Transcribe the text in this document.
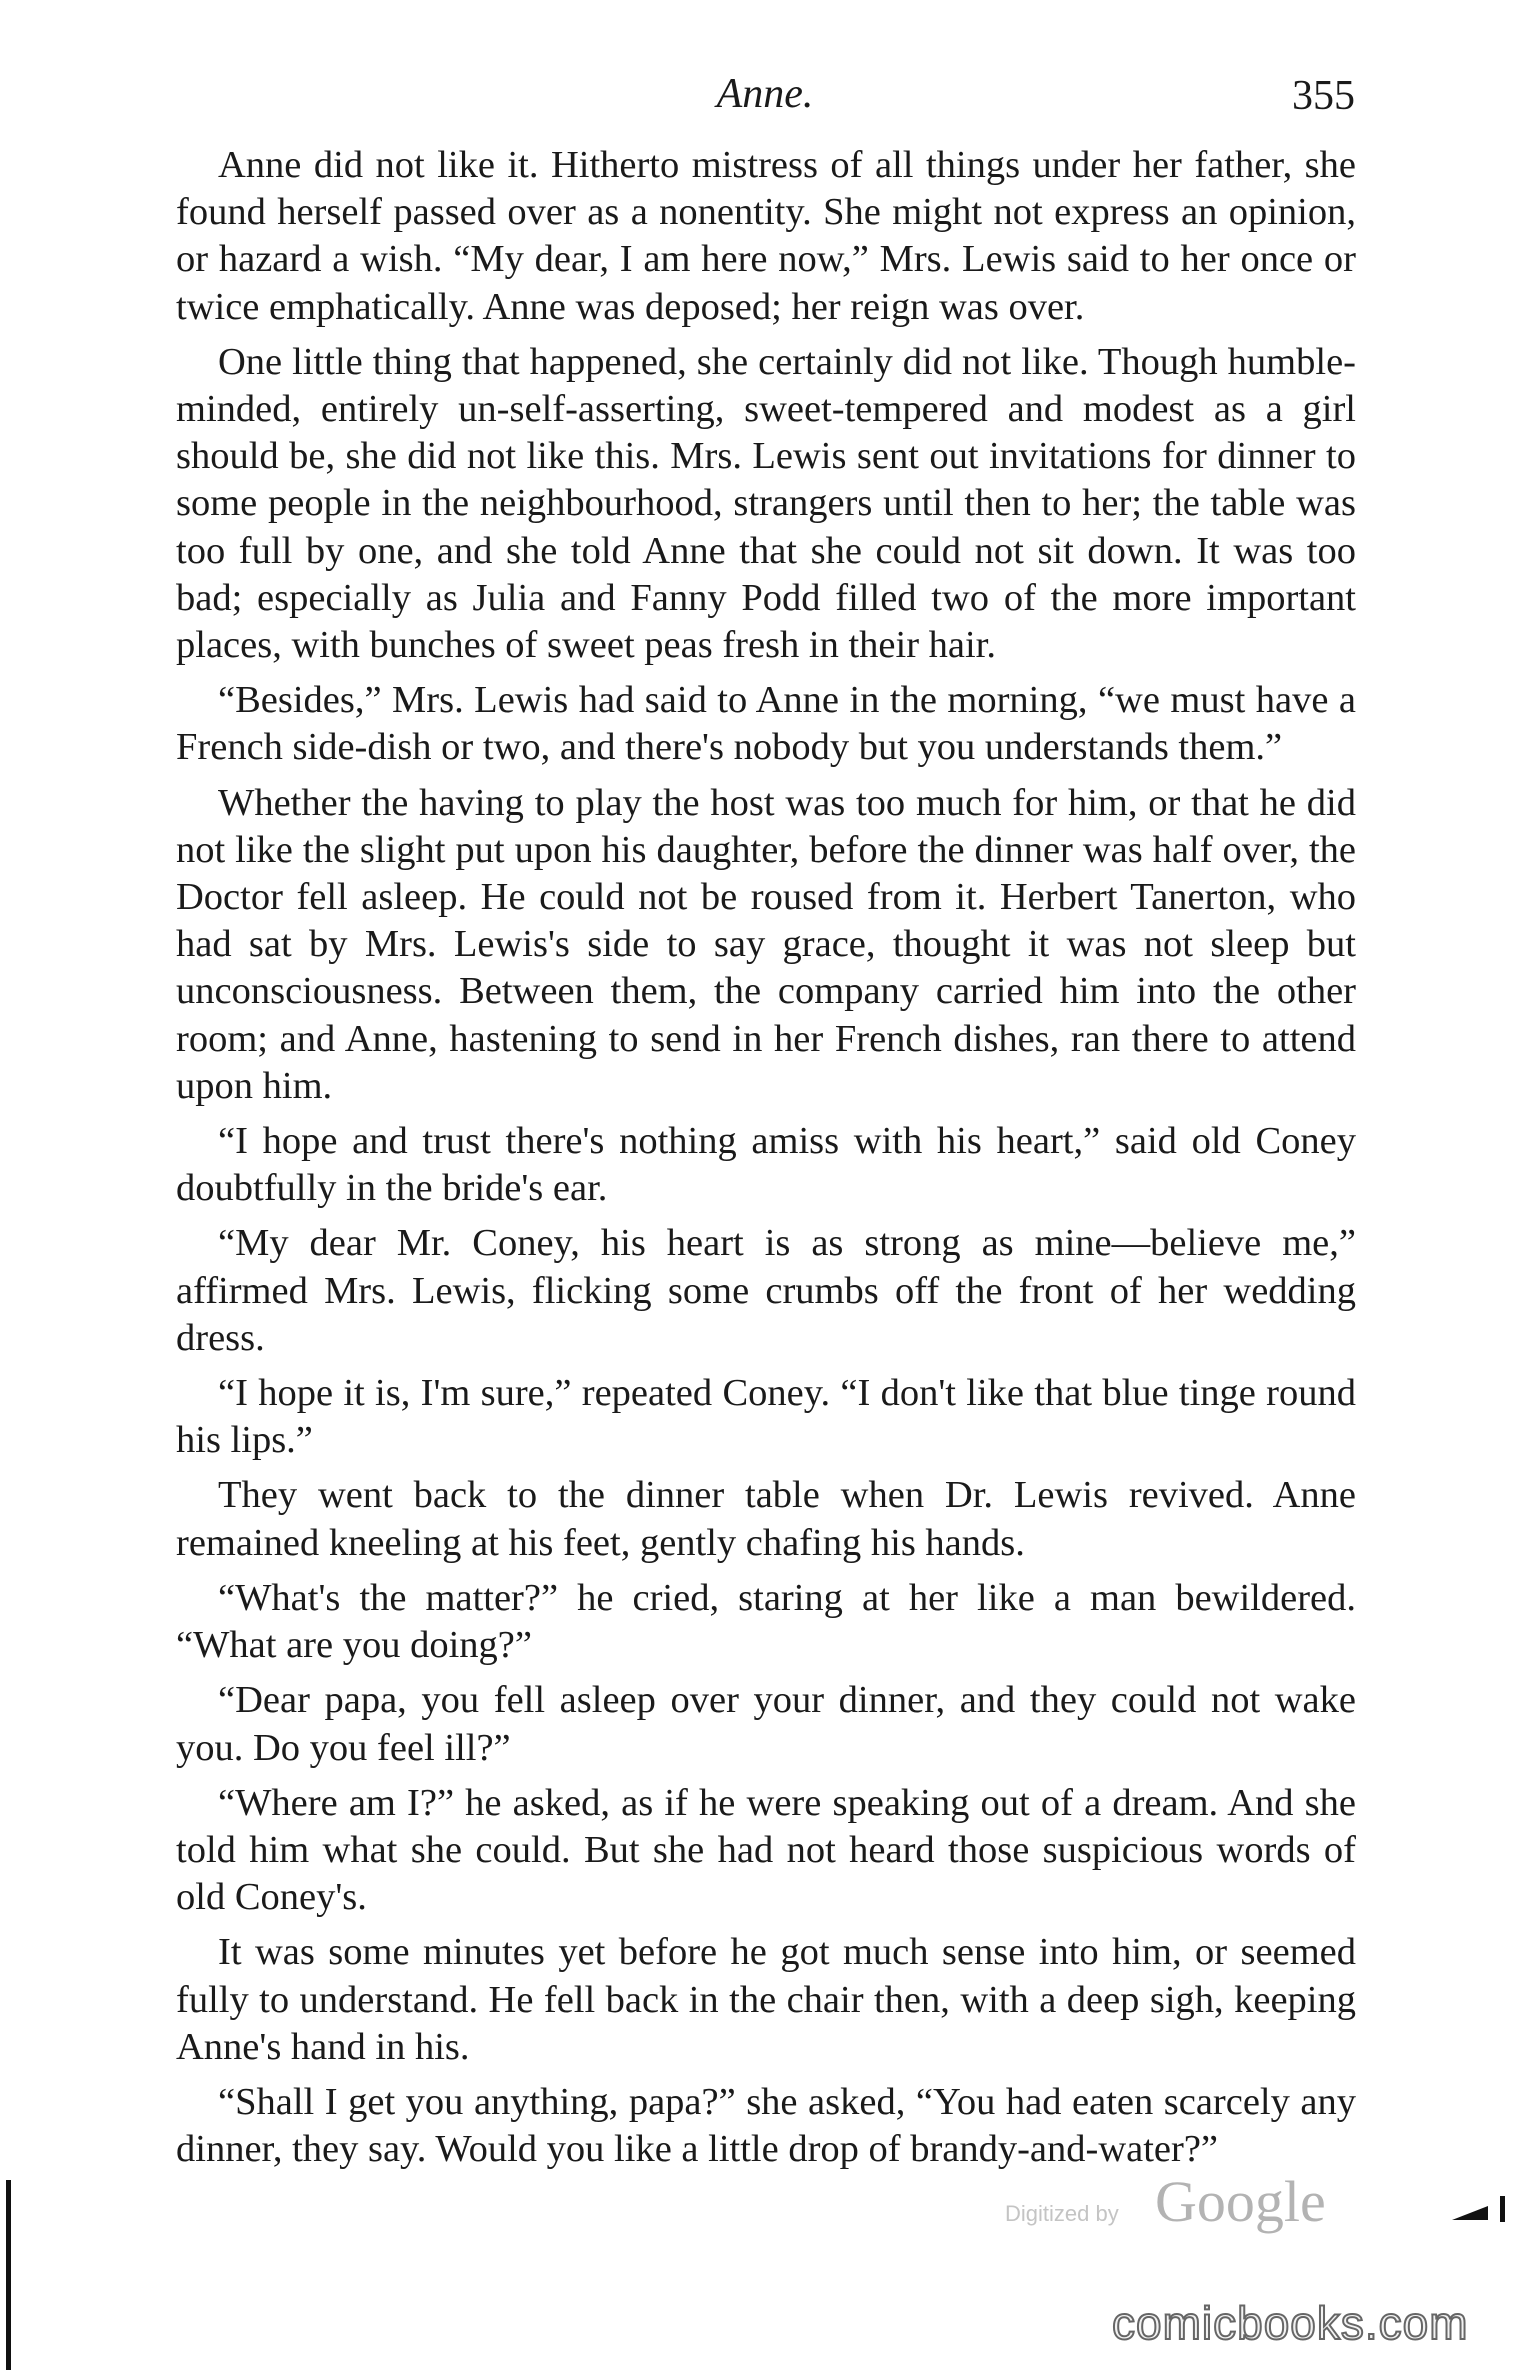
Anne.	355

Anne did not like it. Hitherto mistress of all things under her father, she found herself passed over as a nonentity. She might not express an opinion, or hazard a wish. “My dear, I am here now,” Mrs. Lewis said to her once or twice emphatically. Anne was deposed; her reign was over.

One little thing that happened, she certainly did not like. Though humble-minded, entirely un-self-asserting, sweet-tempered and modest as a girl should be, she did not like this. Mrs. Lewis sent out invitations for dinner to some people in the neighbourhood, strangers until then to her; the table was too full by one, and she told Anne that she could not sit down. It was too bad; especially as Julia and Fanny Podd filled two of the more important places, with bunches of sweet peas fresh in their hair.

“Besides,” Mrs. Lewis had said to Anne in the morning, “we must have a French side-dish or two, and there's nobody but you understands them.”

Whether the having to play the host was too much for him, or that he did not like the slight put upon his daughter, before the dinner was half over, the Doctor fell asleep. He could not be roused from it. Herbert Tanerton, who had sat by Mrs. Lewis's side to say grace, thought it was not sleep but unconsciousness. Between them, the company carried him into the other room; and Anne, hastening to send in her French dishes, ran there to attend upon him.

“I hope and trust there's nothing amiss with his heart,” said old Coney doubtfully in the bride's ear.

“My dear Mr. Coney, his heart is as strong as mine—believe me,” affirmed Mrs. Lewis, flicking some crumbs off the front of her wedding dress.

“I hope it is, I'm sure,” repeated Coney. “I don't like that blue tinge round his lips.”

They went back to the dinner table when Dr. Lewis revived. Anne remained kneeling at his feet, gently chafing his hands.

“What's the matter?” he cried, staring at her like a man bewildered. “What are you doing?”

“Dear papa, you fell asleep over your dinner, and they could not wake you. Do you feel ill?”

“Where am I?” he asked, as if he were speaking out of a dream. And she told him what she could. But she had not heard those suspicious words of old Coney's.

It was some minutes yet before he got much sense into him, or seemed fully to understand. He fell back in the chair then, with a deep sigh, keeping Anne's hand in his.

“Shall I get you anything, papa?” she asked, “You had eaten scarcely any dinner, they say. Would you like a little drop of brandy-and-water?”

Digitized by Google
comicbooks.com
